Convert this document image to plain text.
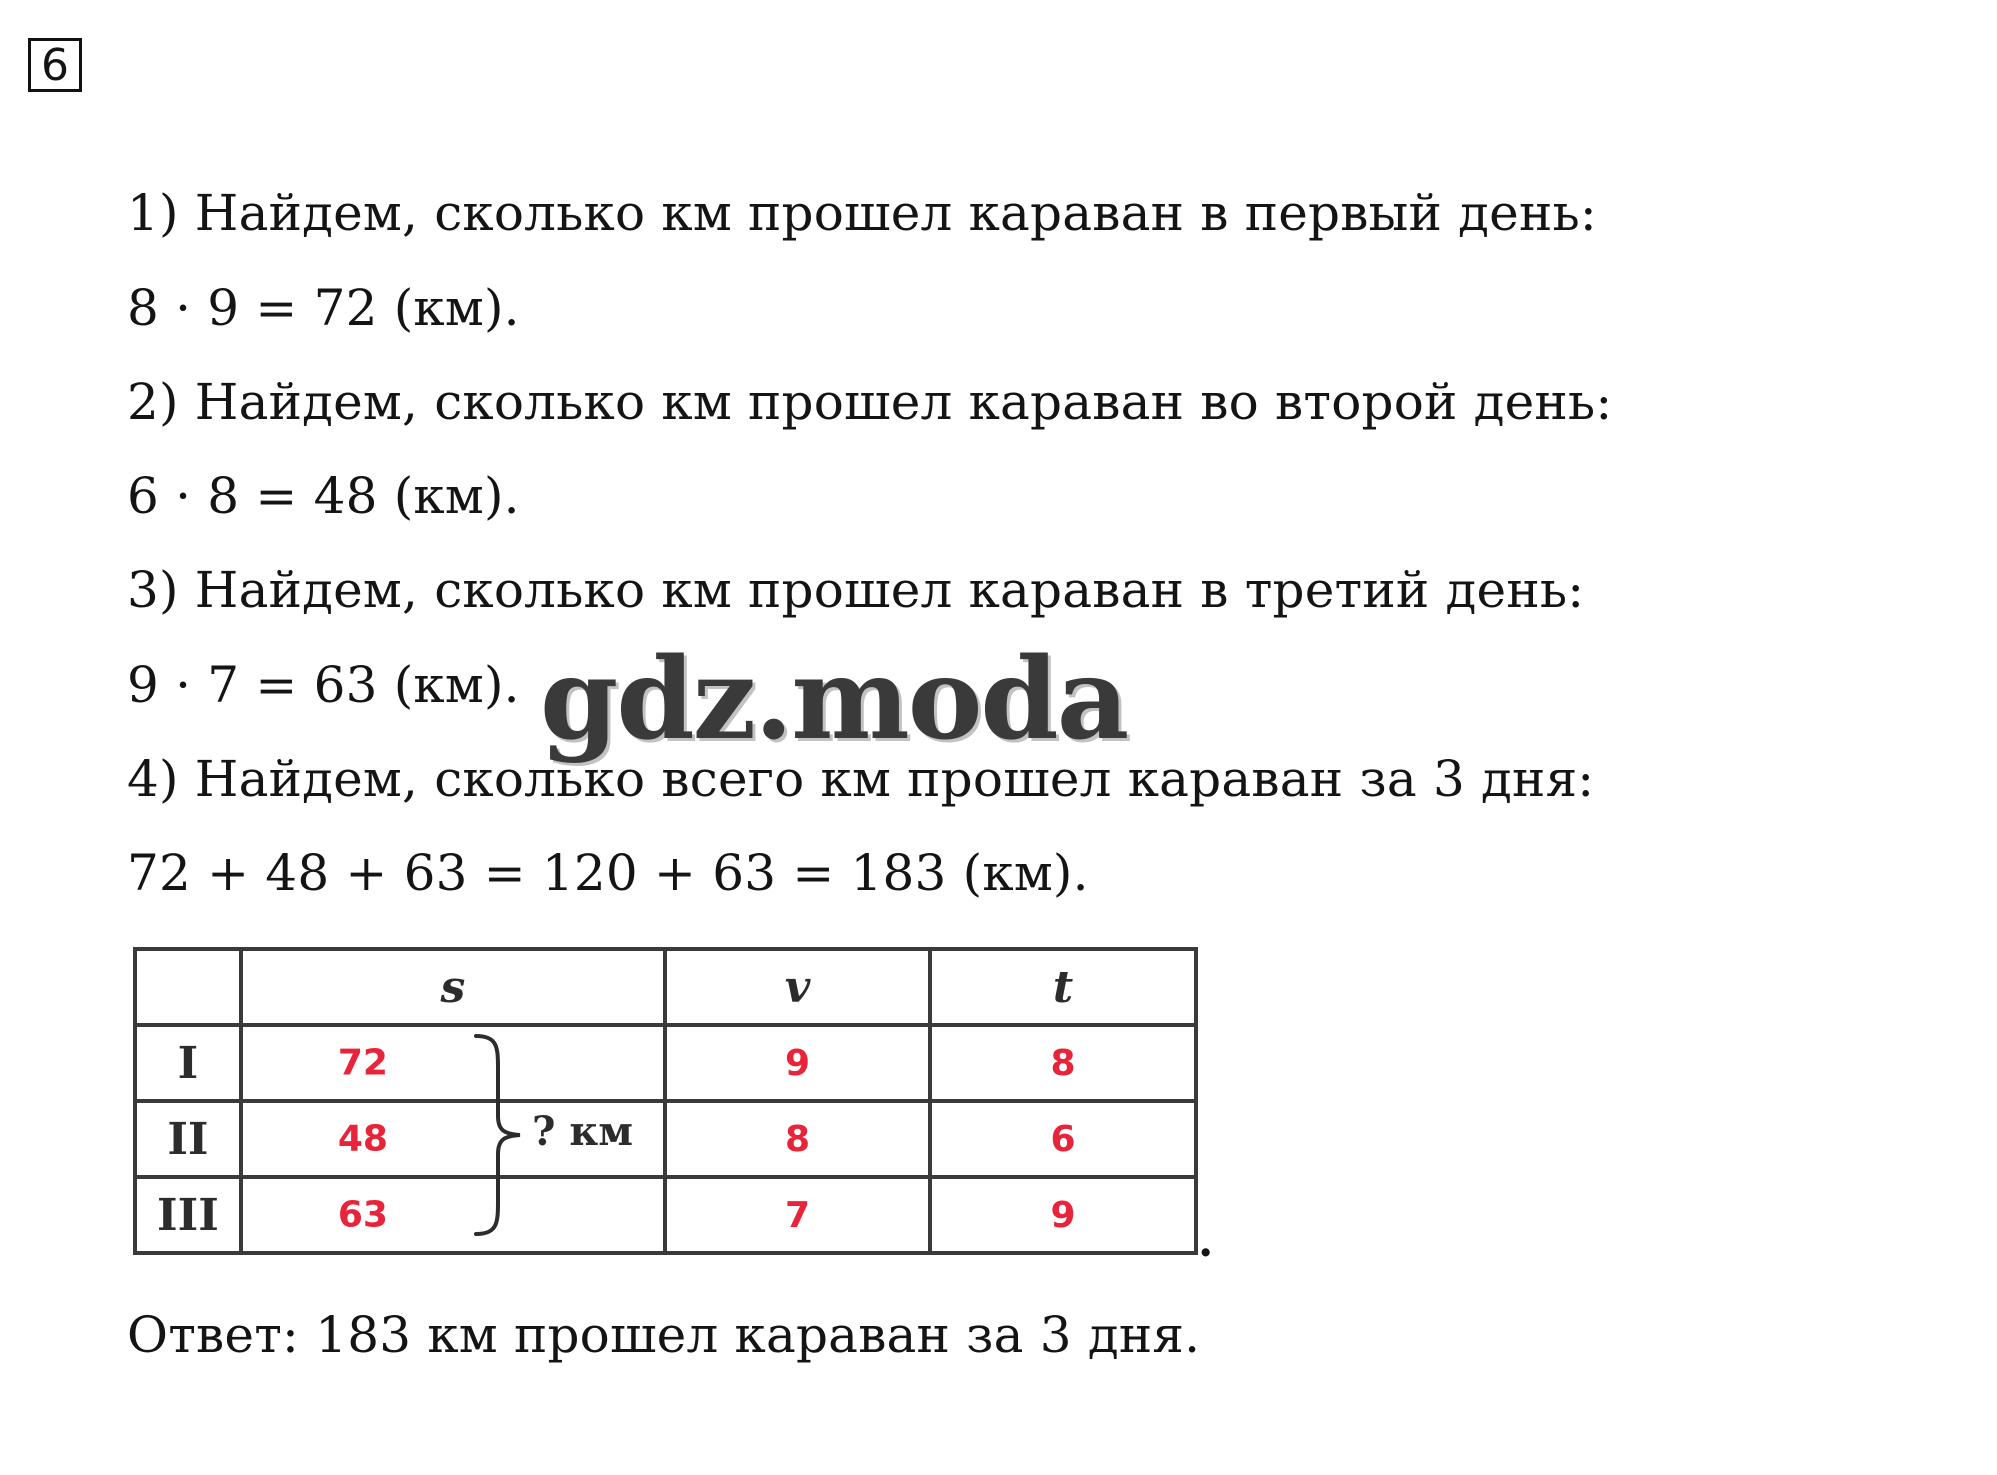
6
1) Найдем, сколько км прошел караван в первый день:
8 · 9 = 72 (км).
2) Найдем, сколько км прошел караван во второй день:
6 · 8 = 48 (км).
3) Найдем, сколько км прошел караван в третий день:
9 · 7 = 63 (км).
4) Найдем, сколько всего км прошел караван за 3 дня:
72 + 48 + 63 = 120 + 63 = 183 (км).
gdz.moda
	s	v	t
I	72	9	8
II	48	8	6
III	63	7	9
? км
.
Ответ: 183 км прошел караван за 3 дня.
